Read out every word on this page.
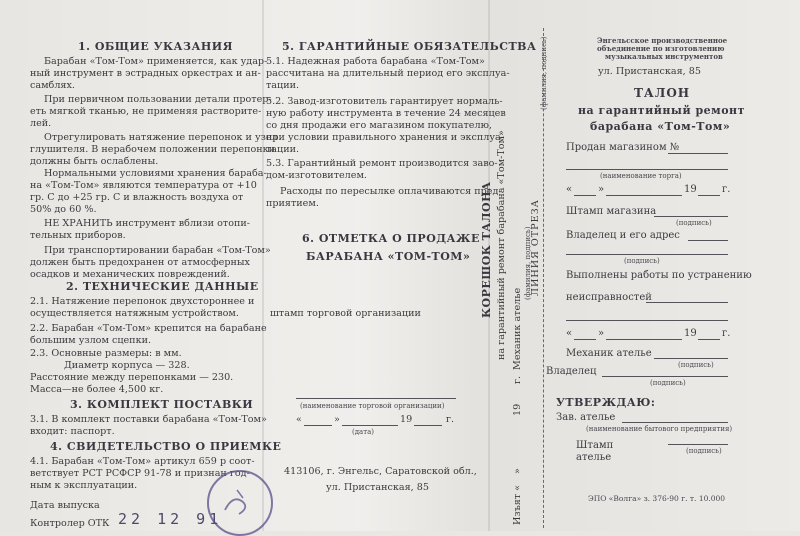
1. ОБЩИЕ УКАЗАНИЯ
Барабан «Том-Том» применяется, как удар-
ный инструмент в эстрадных оркестрах и ан-
самблях.
При первичном пользовании детали протер-
еть мягкой тканью, не применяя растворите-
лей.
Отрегулировать натяжение перепонок и узел
глушителя. В нерабочем положении перепонки
должны быть ослаблены.
Нормальными условиями хранения бараба-
на «Том-Том» являются температура от +10
гр. С до +25 гр. С и влажность воздуха от
50% до 60 %.
НЕ ХРАНИТЬ инструмент вблизи отопи-
тельных приборов.
При транспортировании барабан «Том-Том»
должен быть предохранен от атмосферных
осадков и механических повреждений.
2. ТЕХНИЧЕСКИЕ ДАННЫЕ
2.1. Натяжение перепонок двухстороннее и
осуществляется натяжным устройством.
2.2. Барабан «Том-Том» крепится на барабане
большим узлом сцепки.
2.3. Основные размеры: в мм.
Диаметр корпуса — 328.
Расстояние между перепонками — 230.
Масса—не более 4,500 кг.
3. КОМПЛЕКТ ПОСТАВКИ
3.1. В комплект поставки барабана «Том-Том»
входит: паспорт.
4. СВИДЕТЕЛЬСТВО О ПРИЕМКЕ
4.1. Барабан «Том-Том» артикул 659 р соот-
ветствует РСТ РСФСР 91-78 и признан год-
ным к эксплуатации.
Дата выпуска
Контролер ОТК 22 12 91
5. ГАРАНТИЙНЫЕ ОБЯЗАТЕЛЬСТВА
5.1. Надежная работа барабана «Том-Том»
рассчитана на длительный период его эксплуа-
тации.
5.2. Завод-изготовитель гарантирует нормаль-
ную работу инструмента в течение 24 месяцев
со дня продажи его магазином покупателю,
при условии правильного хранения и эксплуа-
тации.
5.3. Гарантийный ремонт производится заво-
дом-изготовителем.
Расходы по пересылке оплачиваются пред-
приятием.
6. ОТМЕТКА О ПРОДАЖЕ
БАРАБАНА «ТОМ-ТОМ»
штамп торговой организации
(наименование торговой организации)
«	»	19	г.
(дата)
413106, г. Энгельс, Саратовской обл.,
ул. Пристанская, 85
КОРЕШОК ТАЛОНА на гарантийный ремонт барабана «Том-Том»
Изъят «
»
19
г.
Механик ателье
(фамилия, подпись)
(фамилия, подпись)
ЛИНИЯ ОТРЕЗА
Энгельсское производственное
объединение по изготовлению
музыкальных инструментов
ул. Пристанская, 85
ТАЛОН
на гарантийный ремонт
барабана «Том-Том»
Продан магазином №
(наименование торга)
«	»	19	г.
Штамп магазина
(подпись)
Владелец и его адрес
(подпись)
Выполнены работы по устранению
неисправностей
«	»	19	г.
Механик ателье
(подпись)
Владелец
(подпись)
УТВЕРЖДАЮ:
Зав. ателье
(наименование бытового предприятия)
(подпись)
Штамп
ателье
ЭПО «Волга» з. 376-90 г. т. 10.000
